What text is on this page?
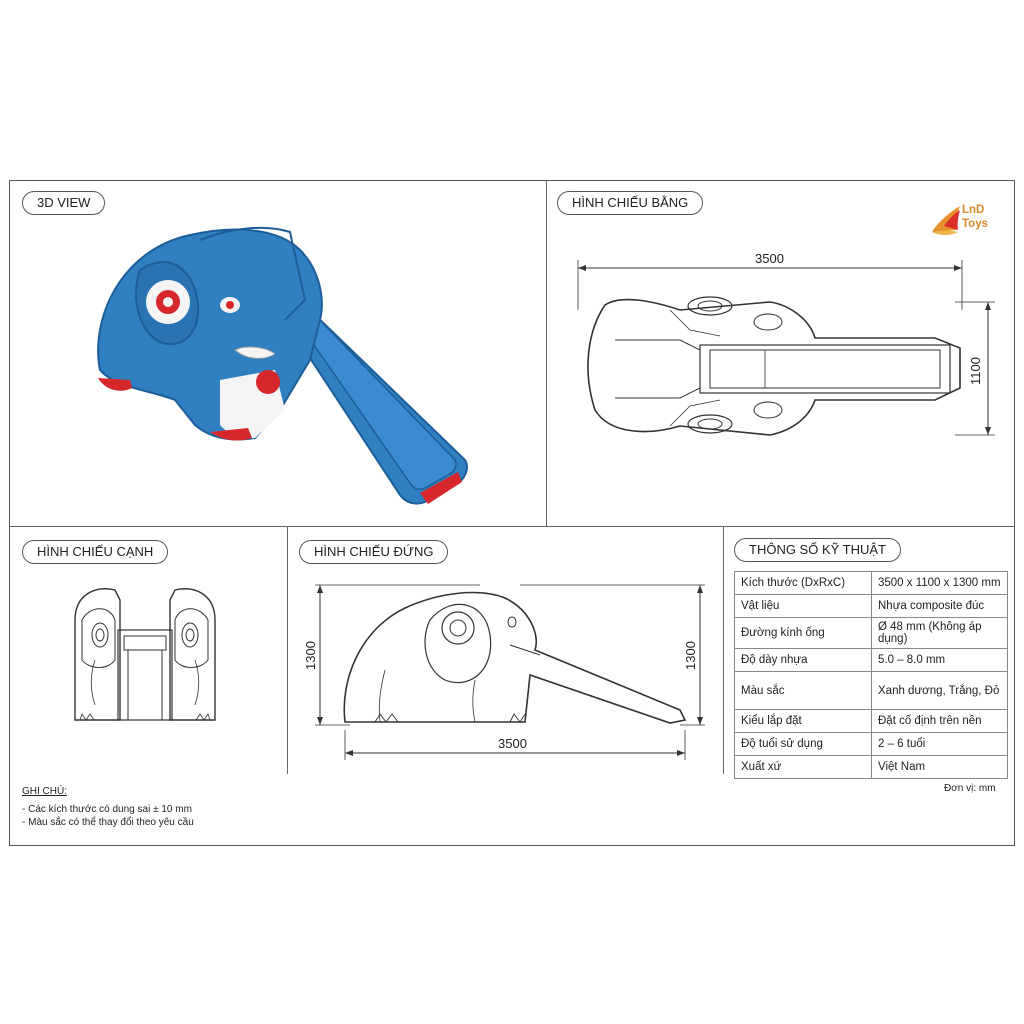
3D VIEW	HÌNH CHIẾU BẰNG
HÌNH CHIẾU CẠNH	HÌNH CHIẾU ĐỨNG	THÔNG SỐ KỸ THUẬT
LnD
Toys
3500
1100
1300	1300
3500
Kích thước (DxRxC)	3500 x 1100 x 1300 mm
Vật liệu	Nhựa composite đúc
Đường kính ống	Ø 48 mm (Không áp dụng)
Độ dày nhựa	5.0 – 8.0 mm
Màu sắc	Xanh dương, Trắng, Đỏ
Kiểu lắp đặt	Đặt cố định trên nền
Độ tuổi sử dụng	2 – 6 tuổi
Xuất xứ	Việt Nam
GHI CHÚ:
- Các kích thước có dung sai ± 10 mm
- Màu sắc có thể thay đổi theo yêu cầu
Đơn vị: mm
